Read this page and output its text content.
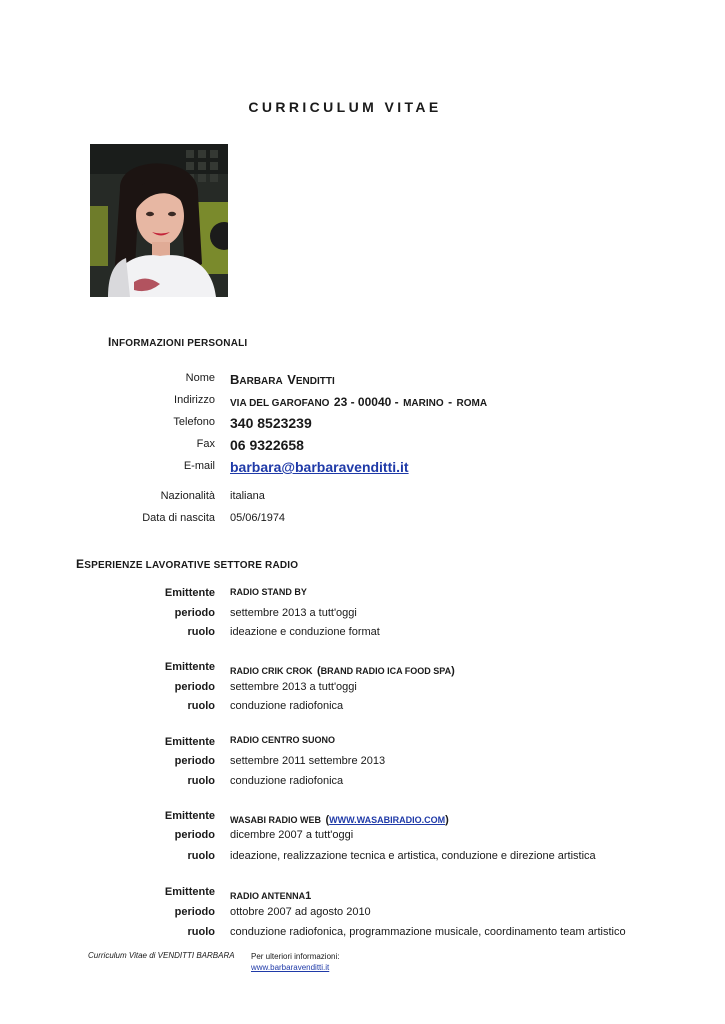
CURRICULUM VITAE
INFORMAZIONI PERSONALI
Nome BARBARA VENDITTI
Indirizzo VIA DEL GAROFANO 23 - 00040 - MARINO - ROMA
Telefono 340 8523239
Fax 06 9322658
E-mail barbara@barbaravenditti.it
Nazionalità italiana
Data di nascita 05/06/1974
ESPERIENZE LAVORATIVE SETTORE RADIO
Emittente RADIO STAND BY
periodo settembre 2013 a tutt'oggi
ruolo ideazione e conduzione format
Emittente RADIO CRIK CROK (BRAND RADIO ICA FOOD SPA)
periodo settembre 2013 a tutt'oggi
ruolo conduzione radiofonica
Emittente RADIO CENTRO SUONO
periodo settembre 2011 settembre 2013
ruolo conduzione radiofonica
Emittente WASABI RADIO WEB (WWW.WASABIRADIO.COM)
periodo dicembre 2007 a tutt'oggi
ruolo ideazione, realizzazione tecnica e artistica, conduzione e direzione artistica
Emittente RADIO ANTENNA1
periodo ottobre 2007 ad agosto 2010
ruolo conduzione radiofonica, programmazione musicale, coordinamento team artistico
Curriculum Vitae di VENDITTI BARBARA Per ulteriori informazioni:
www.barbaravenditti.it
